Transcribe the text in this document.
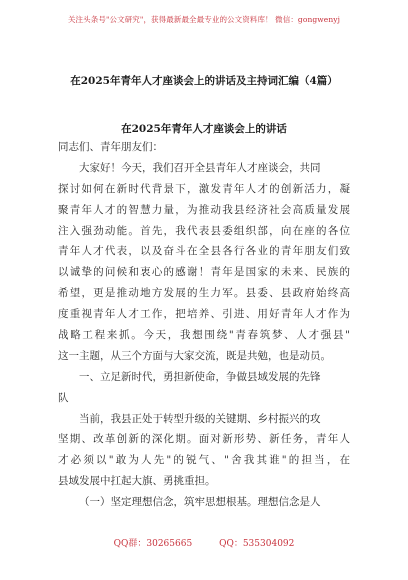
关注头条号"公文研究"，获得最新最全最专业的公文资料库！ 微信：gongwenyj
在2025年青年人才座谈会上的讲话及主持词汇编（4篇）
在2025年青年人才座谈会上的讲话
同志们、青年朋友们：
大家好！今天，我们召开全县青年人才座谈会，共同
探讨如何在新时代背景下，激发青年人才的创新活力，凝
聚青年人才的智慧力量，为推动我县经济社会高质量发展
注入强劲动能。首先，我代表县委组织部，向在座的各位
青年人才代表，以及奋斗在全县各行各业的青年朋友们致
以诚挚的问候和衷心的感谢！青年是国家的未来、民族的
希望，更是推动地方发展的生力军。县委、县政府始终高
度重视青年人才工作，把培养、引进、用好青年人才作为
战略工程来抓。今天，我想围绕"青春筑梦、人才强县"
这一主题，从三个方面与大家交流，既是共勉，也是动员。
一、立足新时代，勇担新使命，争做县域发展的先锋
队
当前，我县正处于转型升级的关键期、乡村振兴的攻
坚期、改革创新的深化期。面对新形势、新任务，青年人
才必须以"敢为人先"的锐气、"舍我其谁"的担当，在
县域发展中扛起大旗、勇挑重担。
（一）坚定理想信念，筑牢思想根基。理想信念是人
QQ群：30265665	QQ：535304092
